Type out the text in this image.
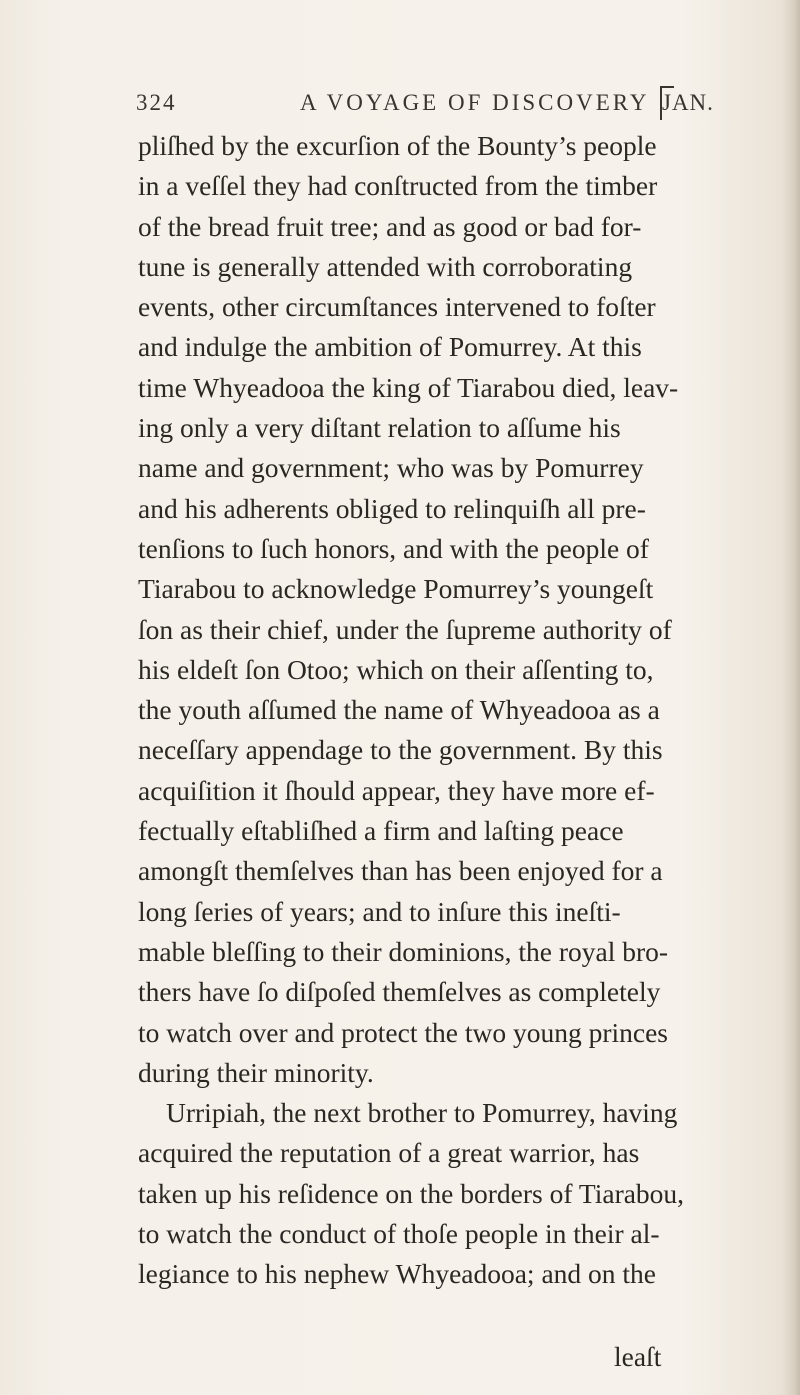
324	A VOYAGE OF DISCOVERY JAN.
pliſhed by the excurſion of the Bounty’s people
in a veſſel they had conſtructed from the timber
of the bread fruit tree; and as good or bad for-
tune is generally attended with corroborating
events, other circumſtances intervened to foſter
and indulge the ambition of Pomurrey. At this
time Whyeadooa the king of Tiarabou died, leav-
ing only a very diſtant relation to aſſume his
name and government; who was by Pomurrey
and his adherents obliged to relinquiſh all pre-
tenſions to ſuch honors, and with the people of
Tiarabou to acknowledge Pomurrey’s youngeſt
ſon as their chief, under the ſupreme authority of
his eldeſt ſon Otoo; which on their aſſenting to,
the youth aſſumed the name of Whyeadooa as a
neceſſary appendage to the government. By this
acquiſition it ſhould appear, they have more ef-
fectually eſtabliſhed a firm and laſting peace
amongſt themſelves than has been enjoyed for a
long ſeries of years; and to inſure this ineſti-
mable bleſſing to their dominions, the royal bro-
thers have ſo diſpoſed themſelves as completely
to watch over and protect the two young princes
during their minority.
Urripiah, the next brother to Pomurrey, having
acquired the reputation of a great warrior, has
taken up his reſidence on the borders of Tiarabou,
to watch the conduct of thoſe people in their al-
legiance to his nephew Whyeadooa; and on the
leaſt
